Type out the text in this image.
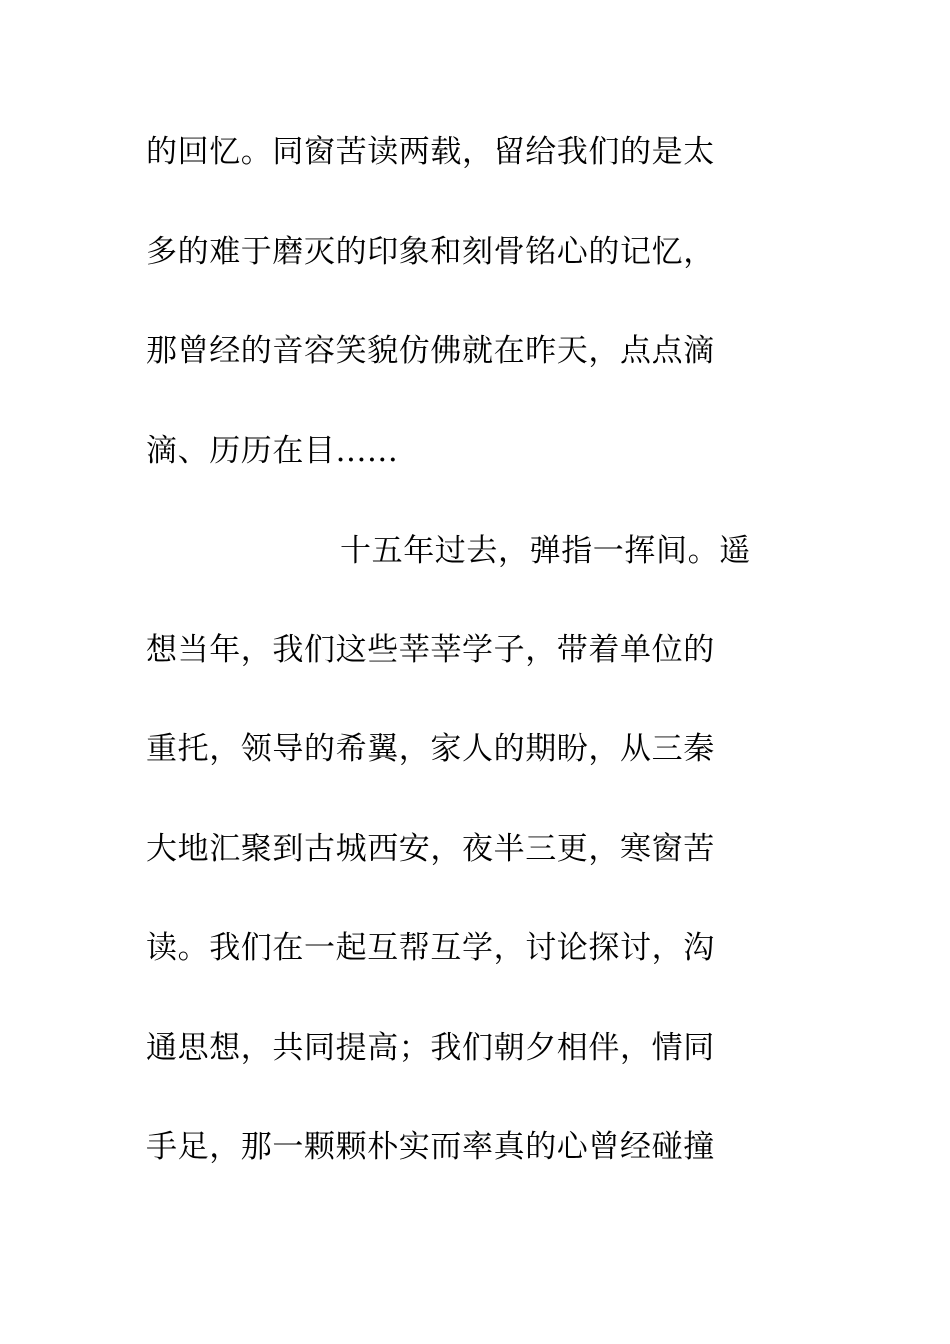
的回忆。同窗苦读两载，留给我们的是太
多的难于磨灭的印象和刻骨铭心的记忆，
那曾经的音容笑貌仿佛就在昨天，点点滴
滴、历历在目......
十五年过去，弹指一挥间。遥
想当年，我们这些莘莘学子，带着单位的
重托，领导的希翼，家人的期盼，从三秦
大地汇聚到古城西安，夜半三更，寒窗苦
读。我们在一起互帮互学，讨论探讨，沟
通思想，共同提高；我们朝夕相伴，情同
手足，那一颗颗朴实而率真的心曾经碰撞
